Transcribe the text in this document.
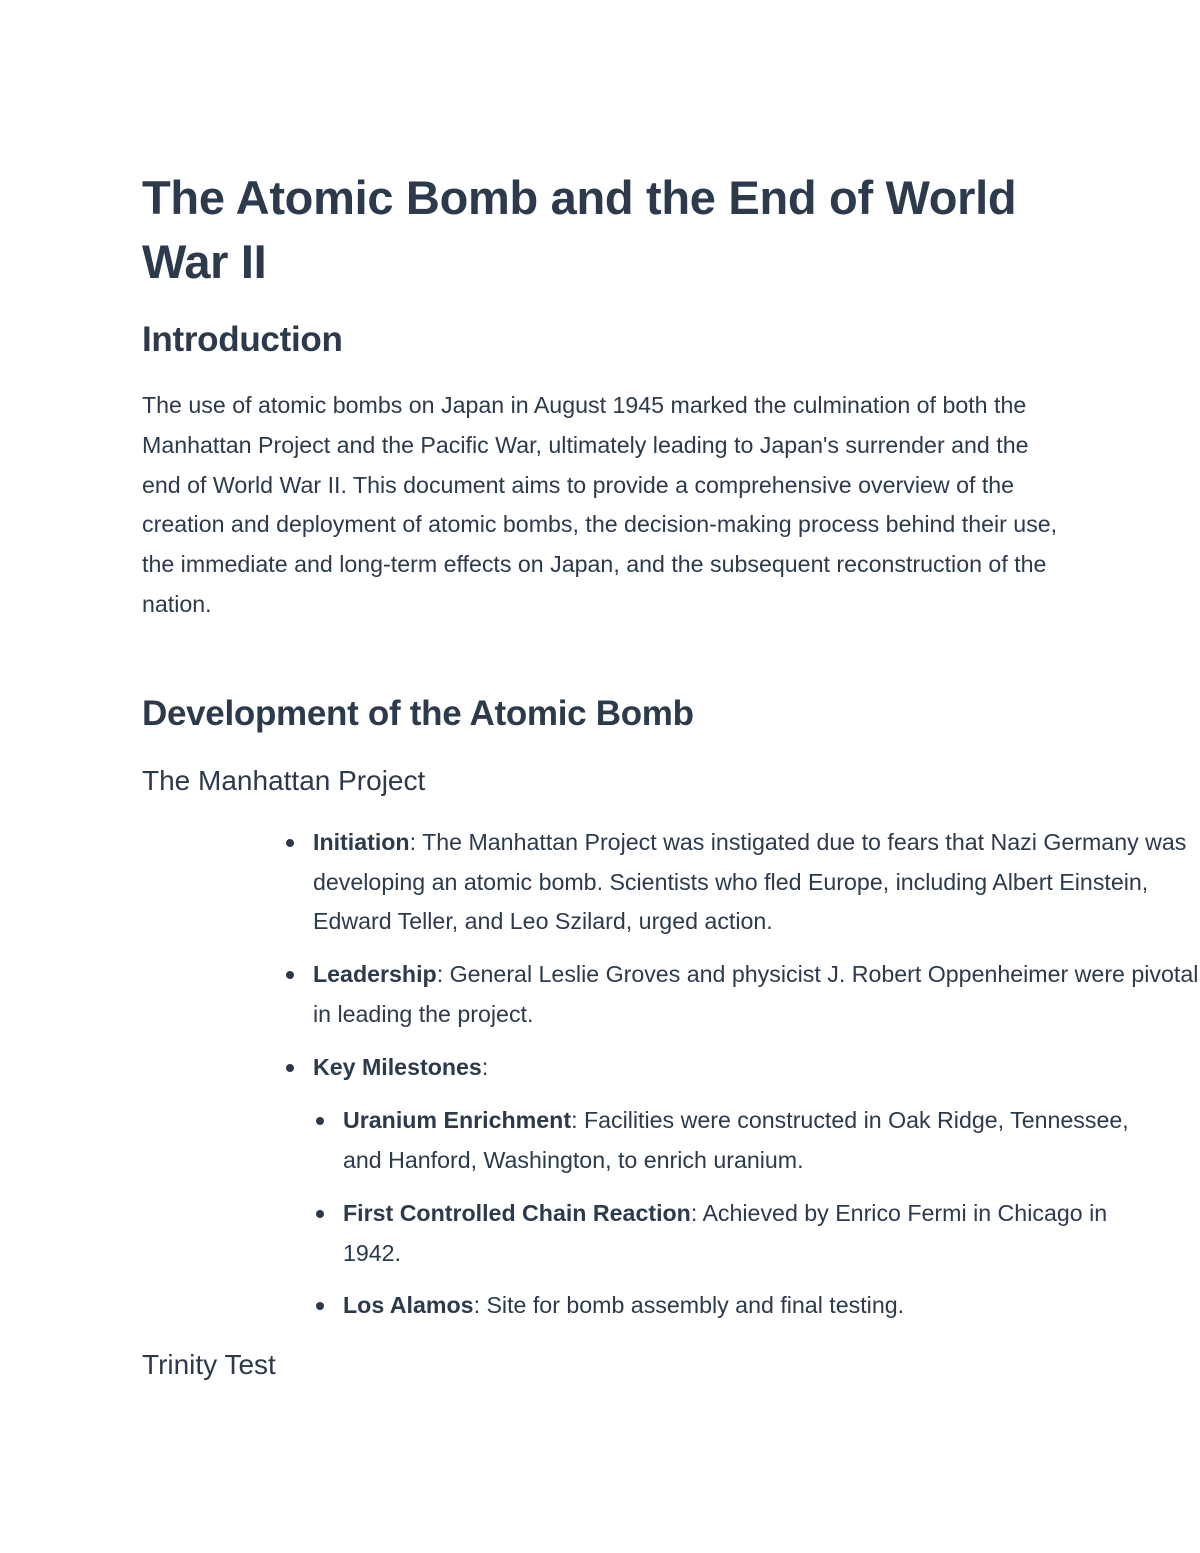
The Atomic Bomb and the End of World War II
Introduction

The use of atomic bombs on Japan in August 1945 marked the culmination of both the Manhattan Project and the Pacific War, ultimately leading to Japan's surrender and the end of World War II. This document aims to provide a comprehensive overview of the creation and deployment of atomic bombs, the decision-making process behind their use, the immediate and long-term effects on Japan, and the subsequent reconstruction of the nation.

Development of the Atomic Bomb
The Manhattan Project
Initiation: The Manhattan Project was instigated due to fears that Nazi Germany was developing an atomic bomb. Scientists who fled Europe, including Albert Einstein, Edward Teller, and Leo Szilard, urged action.
Leadership: General Leslie Groves and physicist J. Robert Oppenheimer were pivotal in leading the project.
Key Milestones:
Uranium Enrichment: Facilities were constructed in Oak Ridge, Tennessee, and Hanford, Washington, to enrich uranium.
First Controlled Chain Reaction: Achieved by Enrico Fermi in Chicago in 1942.
Los Alamos: Site for bomb assembly and final testing.
Trinity Test
